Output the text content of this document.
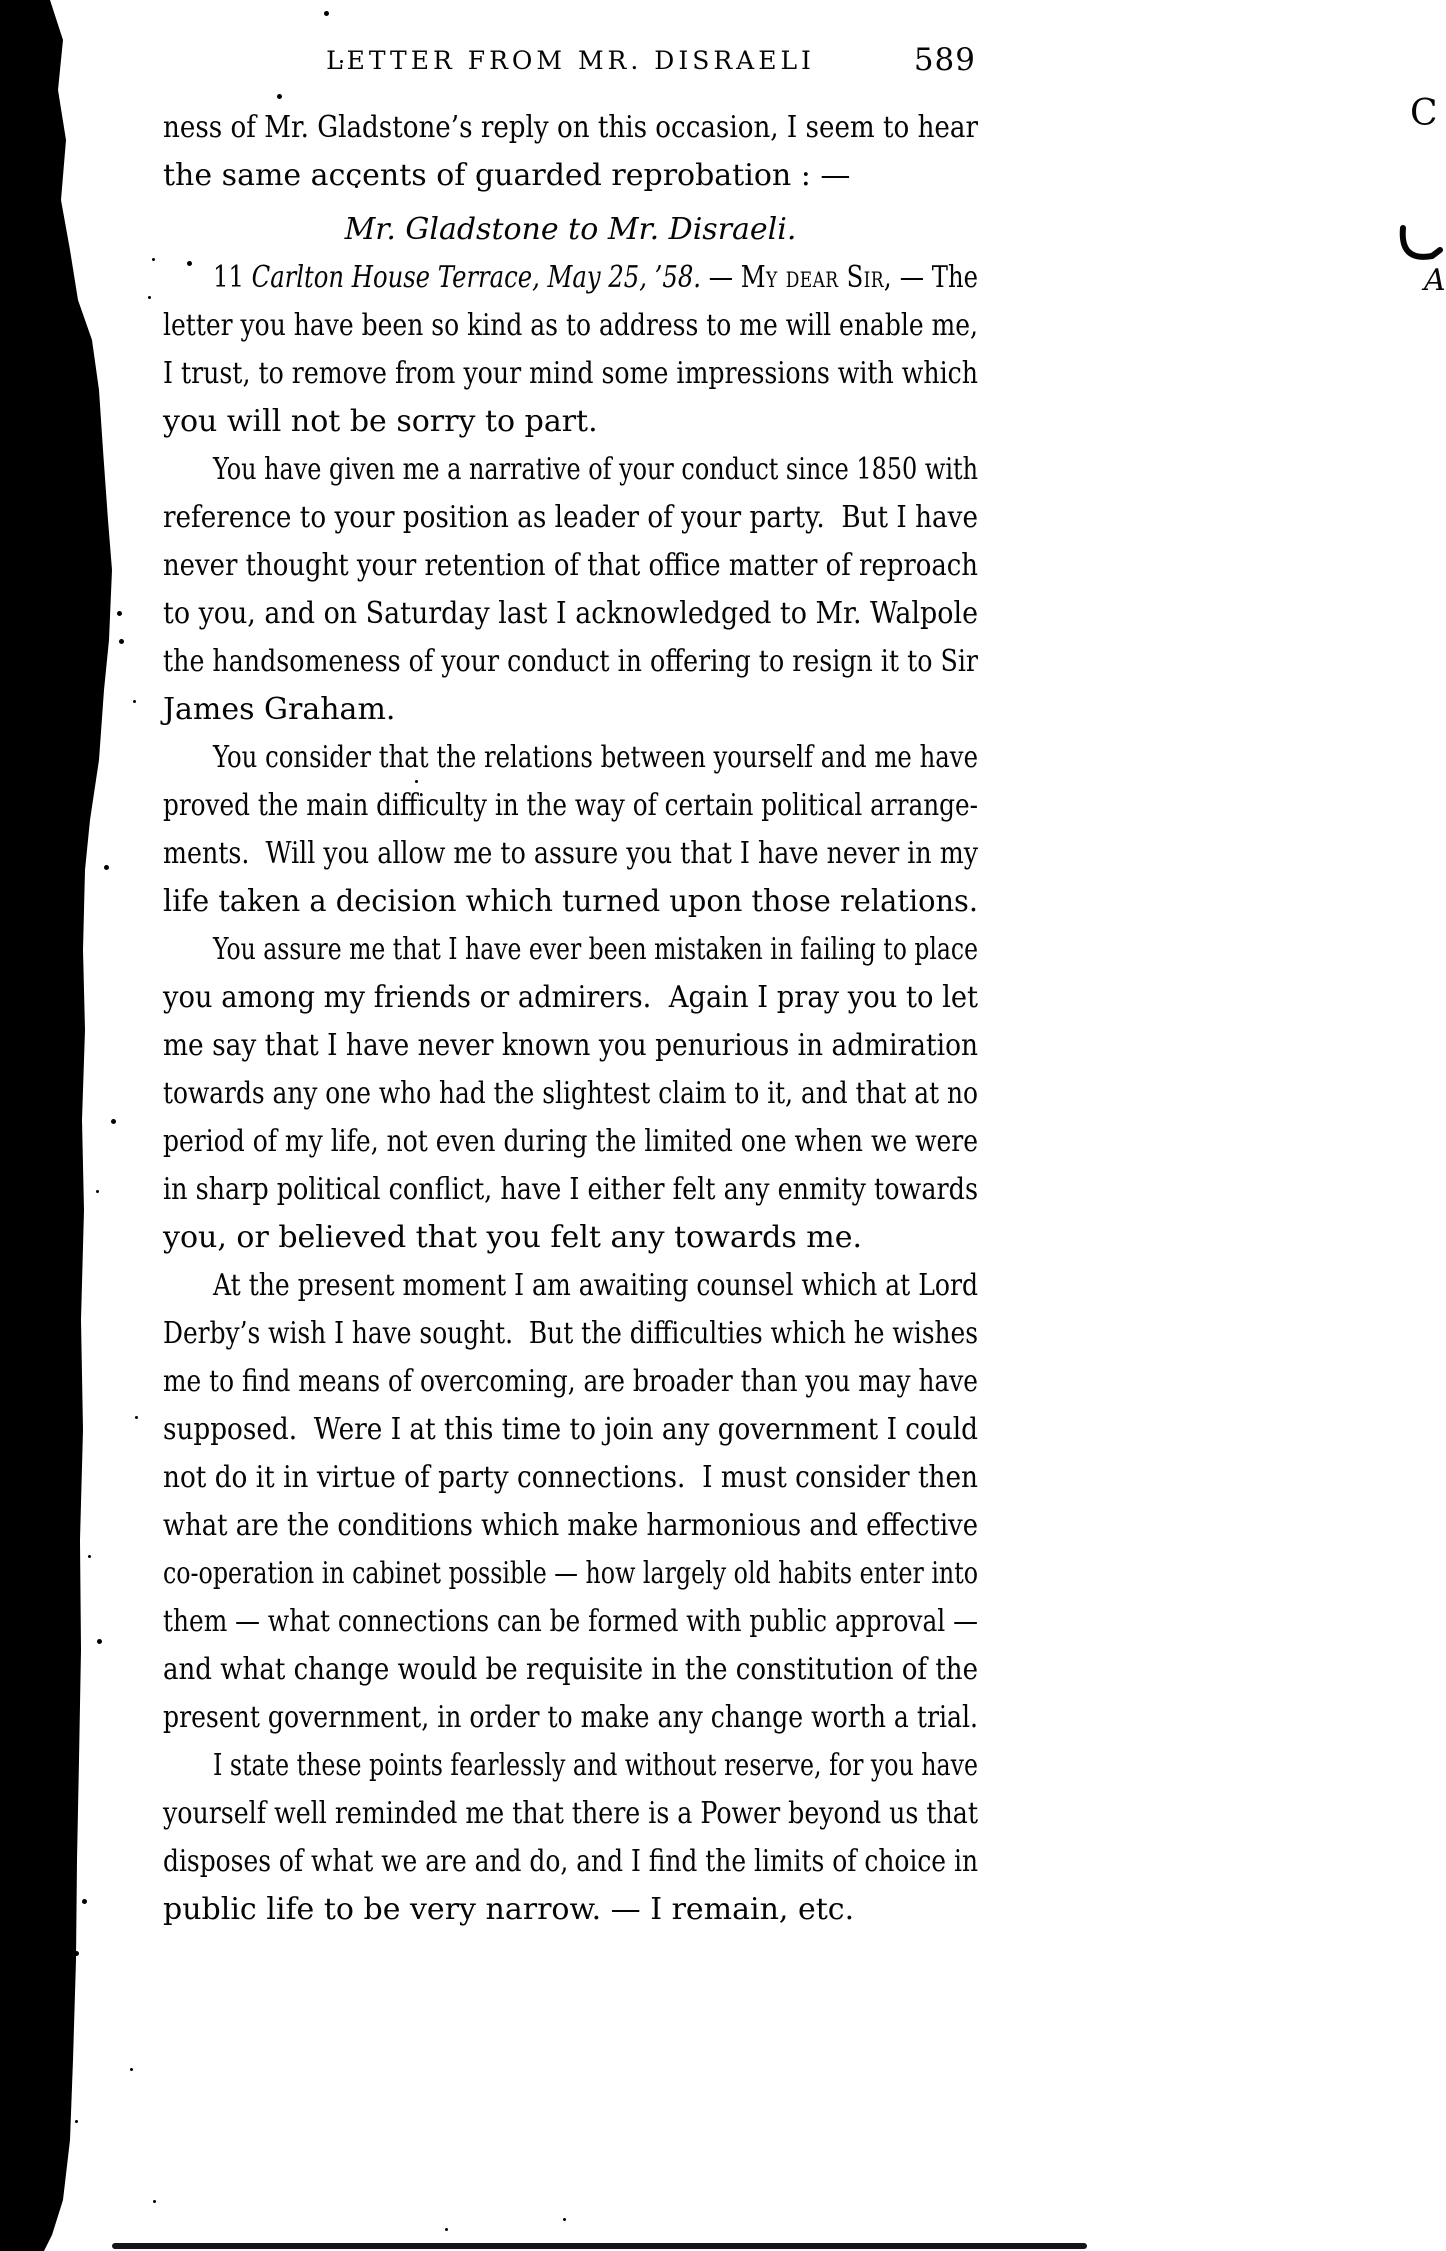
LETTER FROM MR. DISRAELI	589
ness of Mr. Gladstone’s reply on this occasion, I seem to hear
the same accents of guarded reprobation : —
Mr. Gladstone to Mr. Disraeli.
11 Carlton House Terrace, May 25, ’58. — My dear Sir, — The
letter you have been so kind as to address to me will enable me,
I trust, to remove from your mind some impressions with which
you will not be sorry to part.
You have given me a narrative of your conduct since 1850 with
reference to your position as leader of your party.  But I have
never thought your retention of that office matter of reproach
to you, and on Saturday last I acknowledged to Mr. Walpole
the handsomeness of your conduct in offering to resign it to Sir
James Graham.
You consider that the relations between yourself and me have
proved the main difficulty in the way of certain political arrange-
ments.  Will you allow me to assure you that I have never in my
life taken a decision which turned upon those relations.
You assure me that I have ever been mistaken in failing to place
you among my friends or admirers.  Again I pray you to let
me say that I have never known you penurious in admiration
towards any one who had the slightest claim to it, and that at no
period of my life, not even during the limited one when we were
in sharp political conflict, have I either felt any enmity towards
you, or believed that you felt any towards me.
At the present moment I am awaiting counsel which at Lord
Derby’s wish I have sought.  But the difficulties which he wishes
me to find means of overcoming, are broader than you may have
supposed.  Were I at this time to join any government I could
not do it in virtue of party connections.  I must consider then
what are the conditions which make harmonious and effective
co-operation in cabinet possible — how largely old habits enter into
them — what connections can be formed with public approval —
and what change would be requisite in the constitution of the
present government, in order to make any change worth a trial.
I state these points fearlessly and without reserve, for you have
yourself well reminded me that there is a Power beyond us that
disposes of what we are and do, and I find the limits of choice in
public life to be very narrow. — I remain, etc.
C
A
